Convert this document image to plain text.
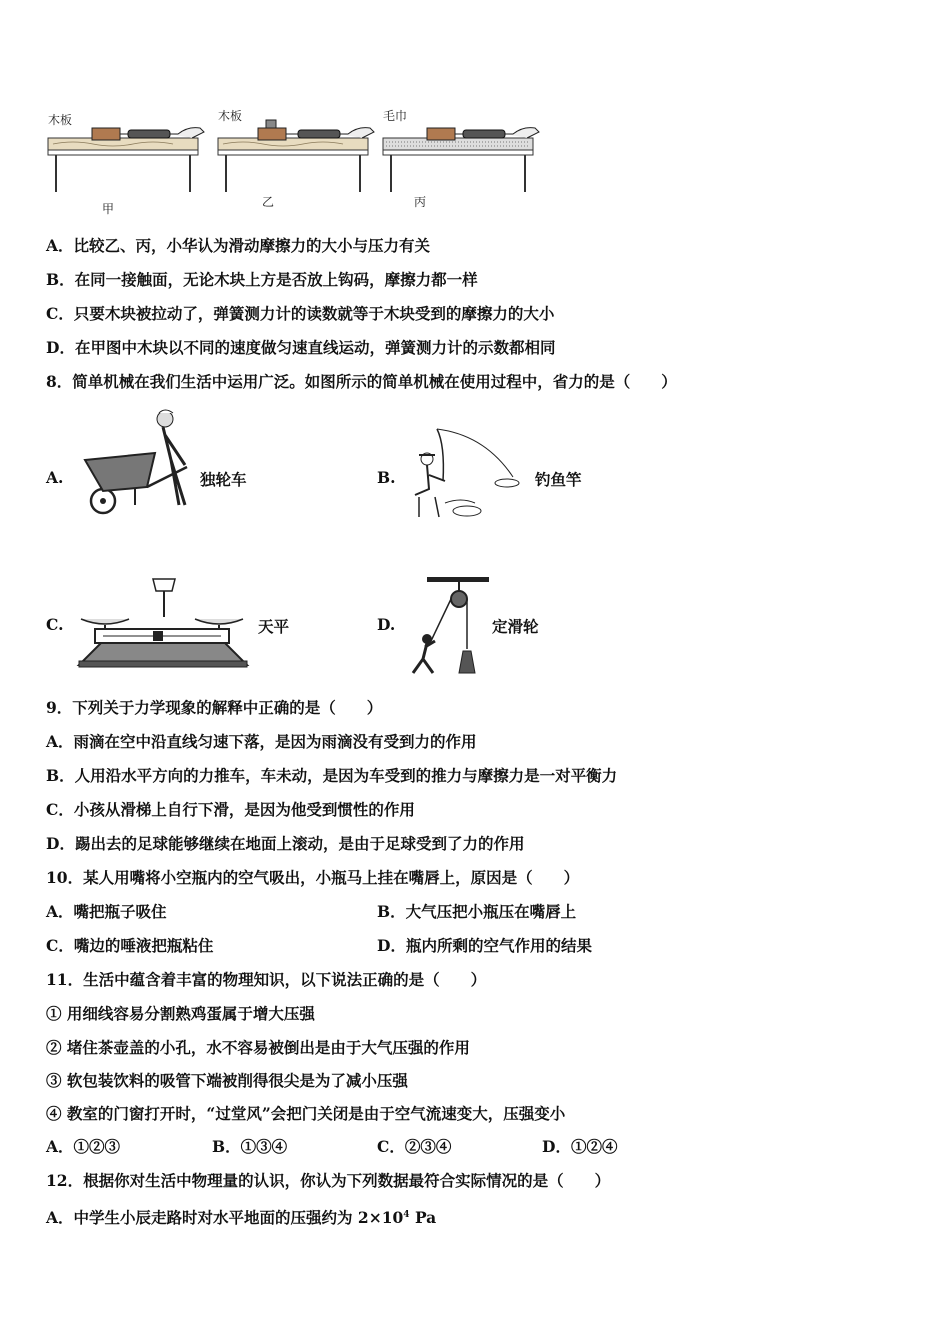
木板	木板	毛巾
甲	乙	丙
A．比较乙、丙，小华认为滑动摩擦力的大小与压力有关
B．在同一接触面，无论木块上方是否放上钩码，摩擦力都一样
C．只要木块被拉动了，弹簧测力计的读数就等于木块受到的摩擦力的大小
D．在甲图中木块以不同的速度做匀速直线运动，弹簧测力计的示数都相同
8．简单机械在我们生活中运用广泛。如图所示的简单机械在使用过程中，省力的是（　　）
A.	独轮车	B.	钓鱼竿
C.	天平	D.	定滑轮
9．下列关于力学现象的解释中正确的是（　　）
A．雨滴在空中沿直线匀速下落，是因为雨滴没有受到力的作用
B．人用沿水平方向的力推车，车未动，是因为车受到的推力与摩擦力是一对平衡力
C．小孩从滑梯上自行下滑，是因为他受到惯性的作用
D．踢出去的足球能够继续在地面上滚动，是由于足球受到了力的作用
10．某人用嘴将小空瓶内的空气吸出，小瓶马上挂在嘴唇上，原因是（　　）
A．嘴把瓶子吸住	B．大气压把小瓶压在嘴唇上
C．嘴边的唾液把瓶粘住	D．瓶内所剩的空气作用的结果
11．生活中蕴含着丰富的物理知识，以下说法正确的是（　　）
① 用细线容易分割熟鸡蛋属于增大压强
② 堵住茶壶盖的小孔，水不容易被倒出是由于大气压强的作用
③ 软包装饮料的吸管下端被削得很尖是为了减小压强
④ 教室的门窗打开时，“过堂风”会把门关闭是由于空气流速变大，压强变小
A．①②③	B．①③④	C．②③④	D．①②④
12．根据你对生活中物理量的认识，你认为下列数据最符合实际情况的是（　　）
A．中学生小辰走路时对水平地面的压强约为 $2\times 10^4$ Pa
